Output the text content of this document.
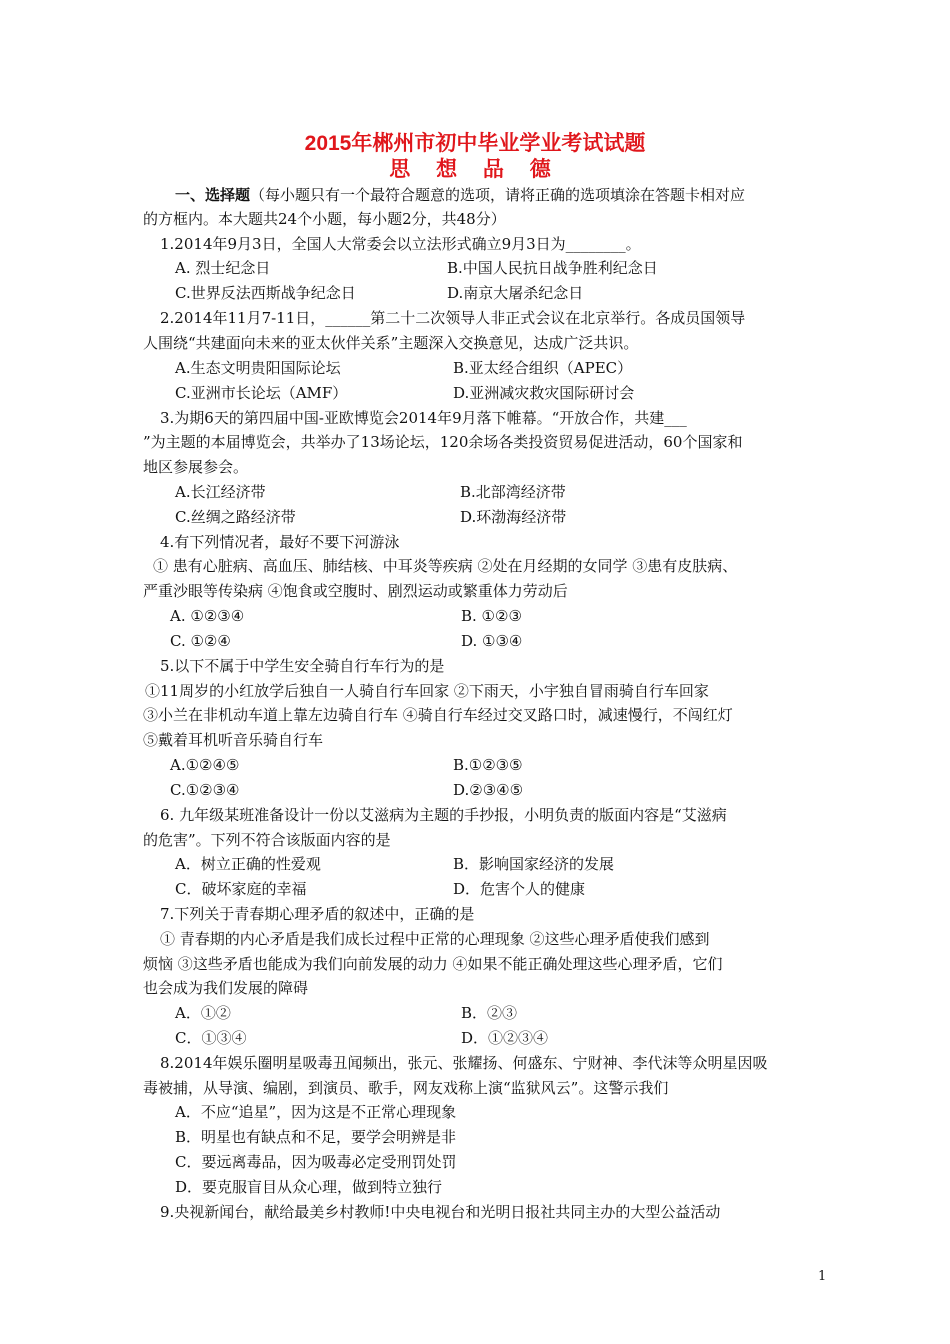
2015年郴州市初中毕业学业考试试题
思 想 品 德
一、选择题（每小题只有一个最符合题意的选项，请将正确的选项填涂在答题卡相对应
的方框内。本大题共24个小题，每小题2分，共48分）
1.2014年9月3日，全国人大常委会以立法形式确立9月3日为________。
A. 烈士纪念日	B.中国人民抗日战争胜利纪念日
C.世界反法西斯战争纪念日	D.南京大屠杀纪念日
2.2014年11月7-11日，______第二十二次领导人非正式会议在北京举行。各成员国领导
人围绕“共建面向未来的亚太伙伴关系”主题深入交换意见，达成广泛共识。
A.生态文明贵阳国际论坛	B.亚太经合组织（APEC）
C.亚洲市长论坛（AMF）	D.亚洲减灾救灾国际研讨会
3.为期6天的第四届中国-亚欧博览会2014年9月落下帷幕。“开放合作，共建___
”为主题的本届博览会，共举办了13场论坛，120余场各类投资贸易促进活动，60个国家和
地区参展参会。
A.长江经济带	B.北部湾经济带
C.丝绸之路经济带	D.环渤海经济带
4.有下列情况者，最好不要下河游泳
① 患有心脏病、高血压、肺结核、中耳炎等疾病 ②处在月经期的女同学 ③患有皮肤病、
严重沙眼等传染病 ④饱食或空腹时、剧烈运动或繁重体力劳动后
A. ①②③④	B. ①②③
C. ①②④	D. ①③④
5.以下不属于中学生安全骑自行车行为的是
①11周岁的小红放学后独自一人骑自行车回家 ②下雨天，小宇独自冒雨骑自行车回家
③小兰在非机动车道上靠左边骑自行车 ④骑自行车经过交叉路口时，减速慢行，不闯红灯
⑤戴着耳机听音乐骑自行车
A.①②④⑤	B.①②③⑤
C.①②③④	D.②③④⑤
6. 九年级某班准备设计一份以艾滋病为主题的手抄报，小明负责的版面内容是“艾滋病
的危害”。下列不符合该版面内容的是
A．树立正确的性爱观	B．影响国家经济的发展
C．破坏家庭的幸福	D．危害个人的健康
7.下列关于青春期心理矛盾的叙述中，正确的是
① 青春期的内心矛盾是我们成长过程中正常的心理现象 ②这些心理矛盾使我们感到
烦恼 ③这些矛盾也能成为我们向前发展的动力 ④如果不能正确处理这些心理矛盾，它们
也会成为我们发展的障碍
A．①②	B．②③
C．①③④	D．①②③④
8.2014年娱乐圈明星吸毒丑闻频出，张元、张耀扬、何盛东、宁财神、李代沫等众明星因吸
毒被捕，从导演、编剧，到演员、歌手，网友戏称上演“监狱风云”。这警示我们
A．不应“追星”，因为这是不正常心理现象
B．明星也有缺点和不足，要学会明辨是非
C．要远离毒品，因为吸毒必定受刑罚处罚
D．要克服盲目从众心理，做到特立独行
9.央视新闻台，献给最美乡村教师!中央电视台和光明日报社共同主办的大型公益活动
1
